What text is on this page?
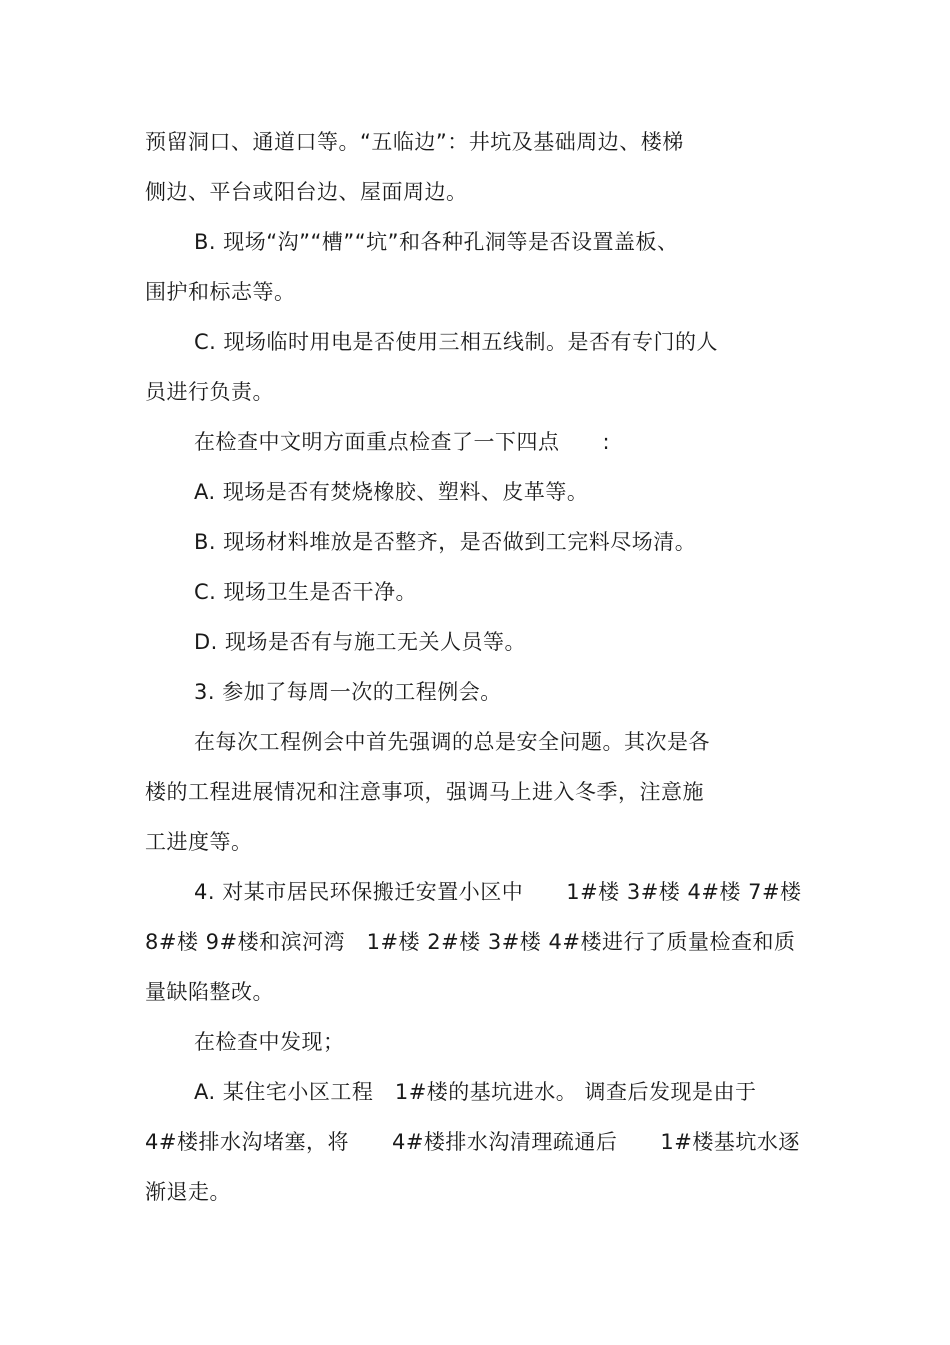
预留洞口、通道口等。“五临边”：井坑及基础周边、楼梯
侧边、平台或阳台边、屋面周边。
B. 现场“沟”“槽”“坑”和各种孔洞等是否设置盖板、
围护和标志等。
C. 现场临时用电是否使用三相五线制。是否有专门的人
员进行负责。
在检查中文明方面重点检查了一下四点　　:
A. 现场是否有焚烧橡胶、塑料、皮革等。
B. 现场材料堆放是否整齐，是否做到工完料尽场清。
C. 现场卫生是否干净。
D. 现场是否有与施工无关人员等。
3. 参加了每周一次的工程例会。
在每次工程例会中首先强调的总是安全问题。其次是各
楼的工程进展情况和注意事项，强调马上进入冬季，注意施
工进度等。
4. 对某市居民环保搬迁安置小区中　　1#楼 3#楼 4#楼 7#楼
8#楼 9#楼和滨河湾　1#楼 2#楼 3#楼 4#楼进行了质量检查和质
量缺陷整改。
在检查中发现；
A. 某住宅小区工程　1#楼的基坑进水。 调查后发现是由于
4#楼排水沟堵塞，将　　4#楼排水沟清理疏通后　　1#楼基坑水逐
渐退走。
